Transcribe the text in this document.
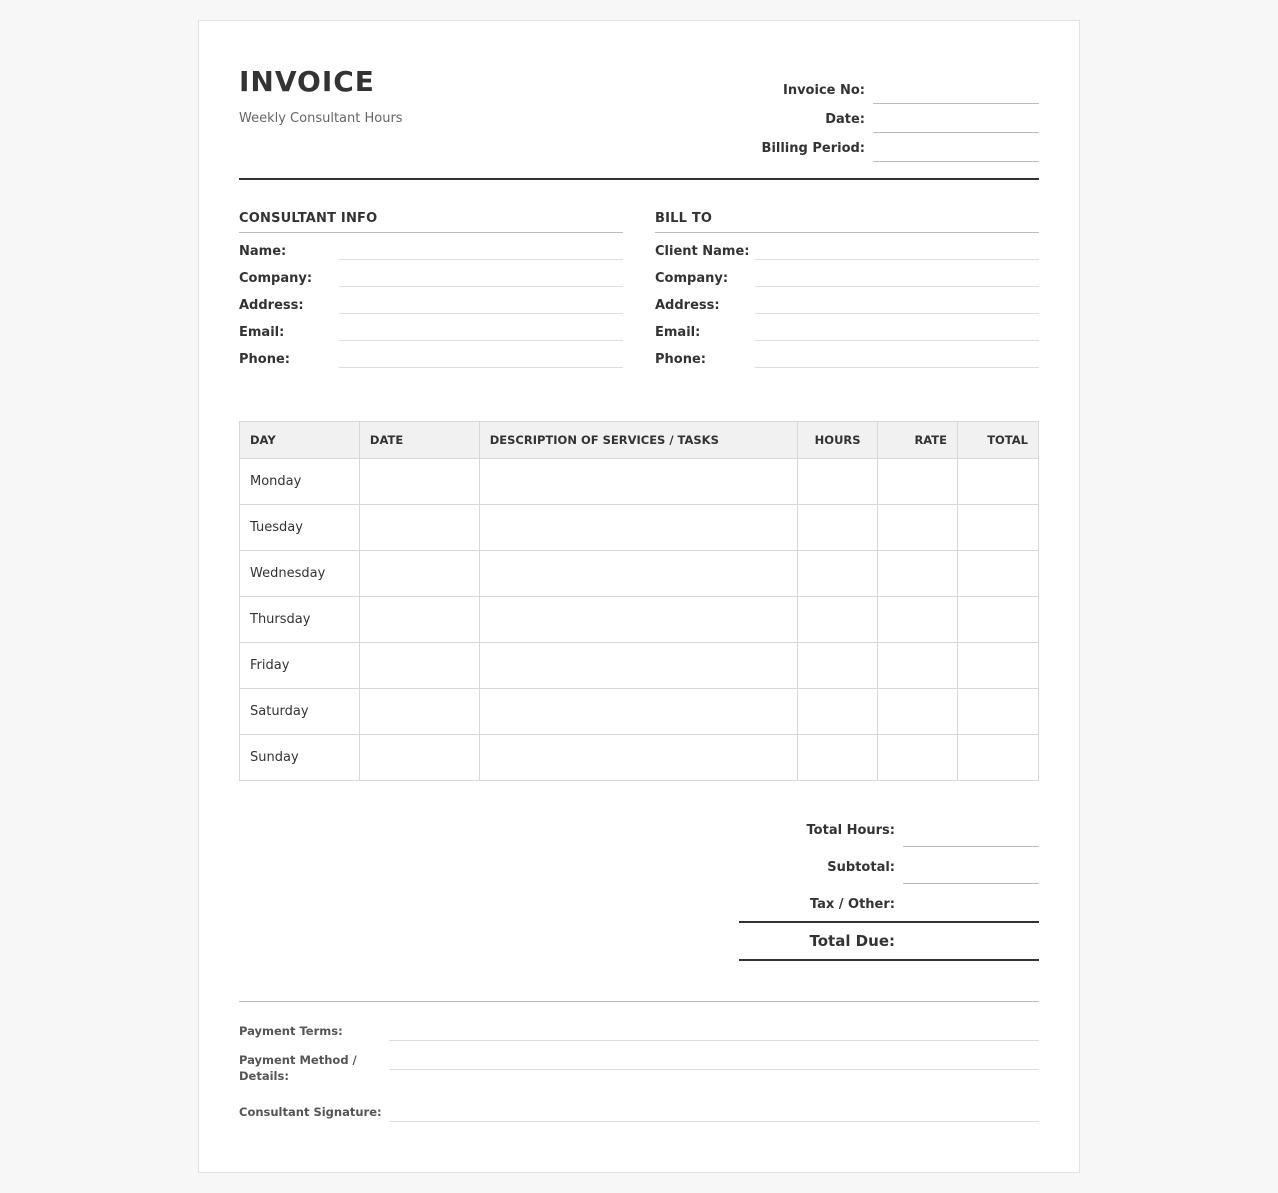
INVOICE
Weekly Consultant Hours
Invoice No:
Date:
Billing Period:
CONSULTANT INFO
Name:
Company:
Address:
Email:
Phone:
BILL TO
Client Name:
Company:
Address:
Email:
Phone:
DAY	DATE	DESCRIPTION OF SERVICES / TASKS	HOURS	RATE	TOTAL
Monday					
Tuesday					
Wednesday					
Thursday					
Friday					
Saturday					
Sunday					
Total Hours:
Subtotal:
Tax / Other:
Total Due:
Payment Terms:
Payment Method /
Details:
Consultant Signature:
